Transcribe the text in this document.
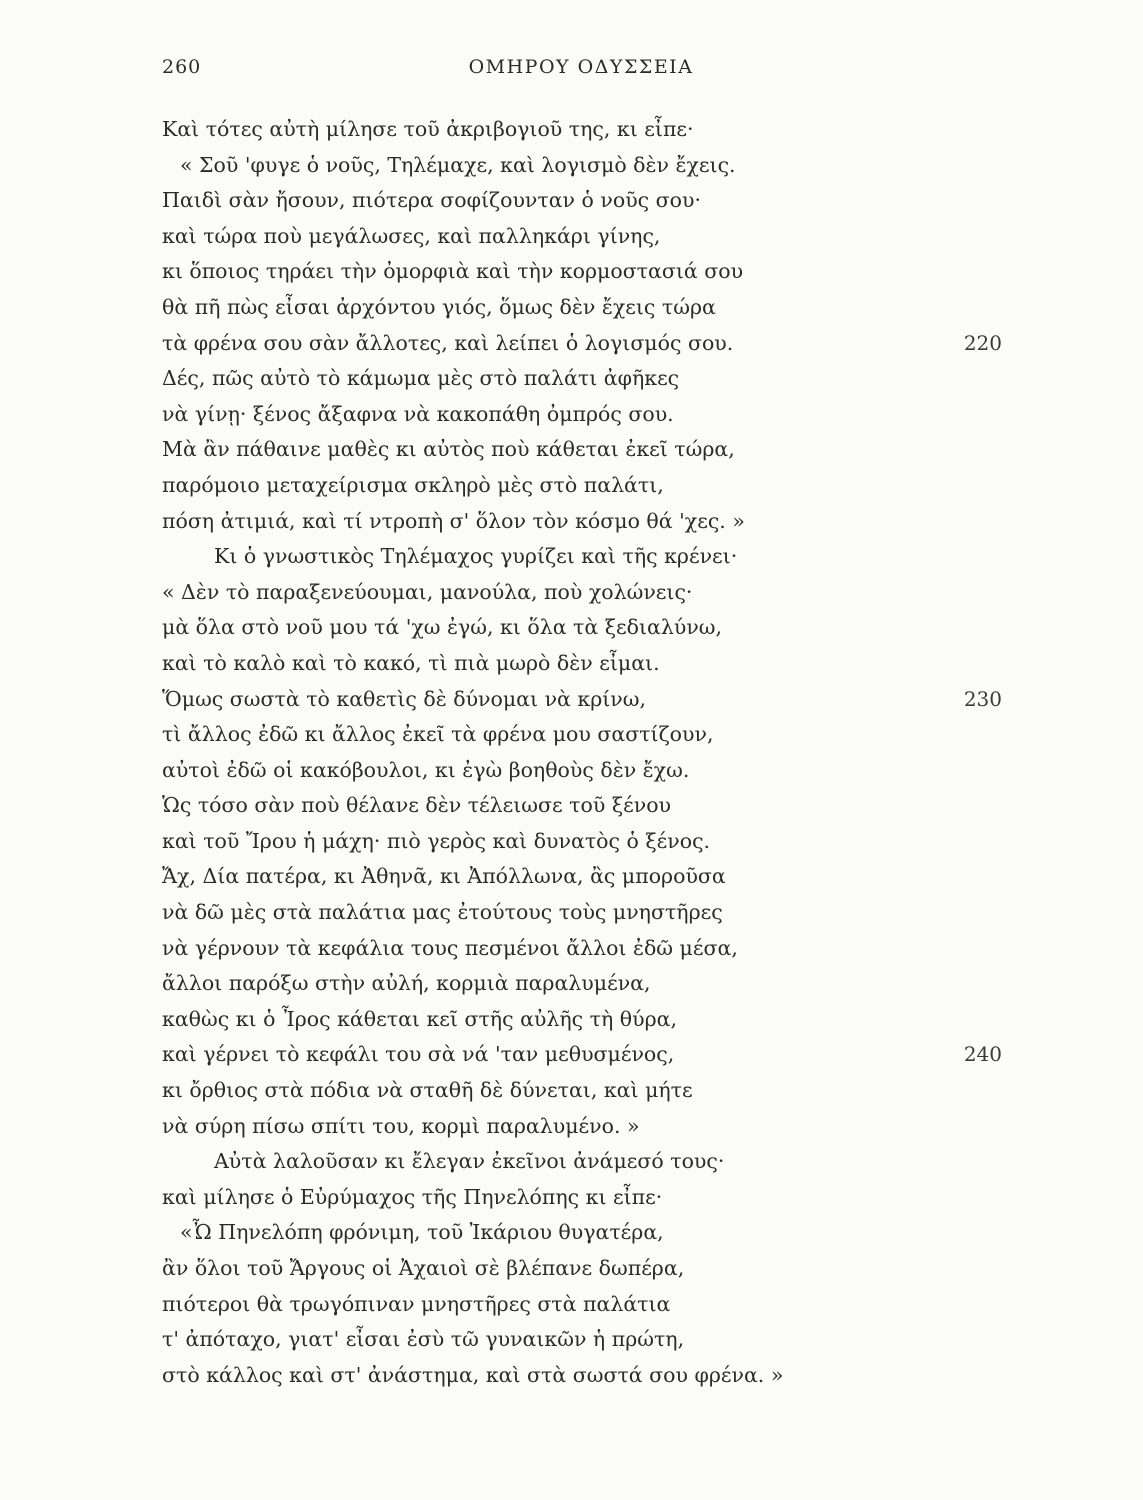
260	ΟΜΗΡΟΥ ΟΔΥΣΣΕΙΑ
Καὶ τότες αὐτὴ μίλησε τοῦ ἀκριβογιοῦ της, κι εἶπε·
« Σοῦ 'φυγε ὁ νοῦς, Τηλέμαχε, καὶ λογισμὸ δὲν ἔχεις.
Παιδὶ σὰν ἤσουν, πιότερα σοφίζουνταν ὁ νοῦς σου·
καὶ τώρα ποὺ μεγάλωσες, καὶ παλληκάρι γίνης,
κι ὅποιος τηράει τὴν ὀμορφιὰ καὶ τὴν κορμοστασιά σου
θὰ πῆ πὼς εἶσαι ἀρχόντου γιός, ὅμως δὲν ἔχεις τώρα
τὰ φρένα σου σὰν ἄλλοτες, καὶ λείπει ὁ λογισμός σου.	220
Δές, πῶς αὐτὸ τὸ κάμωμα μὲς στὸ παλάτι ἀφῆκες
νὰ γίνῃ· ξένος ἄξαφνα νὰ κακοπάθη ὀμπρός σου.
Μὰ ἂν πάθαινε μαθὲς κι αὐτὸς ποὺ κάθεται ἐκεῖ τώρα,
παρόμοιο μεταχείρισμα σκληρὸ μὲς στὸ παλάτι,
πόση ἀτιμιά, καὶ τί ντροπὴ σ' ὅλον τὸν κόσμο θά 'χες. »
Κι ὁ γνωστικὸς Τηλέμαχος γυρίζει καὶ τῆς κρένει·
« Δὲν τὸ παραξενεύουμαι, μανούλα, ποὺ χολώνεις·
μὰ ὅλα στὸ νοῦ μου τά 'χω ἐγώ, κι ὅλα τὰ ξεδιαλύνω,
καὶ τὸ καλὸ καὶ τὸ κακό, τὶ πιὰ μωρὸ δὲν εἶμαι.
Ὅμως σωστὰ τὸ καθετὶς δὲ δύνομαι νὰ κρίνω,	230
τὶ ἄλλος ἐδῶ κι ἄλλος ἐκεῖ τὰ φρένα μου σαστίζουν,
αὐτοὶ ἐδῶ οἱ κακόβουλοι, κι ἐγὼ βοηθοὺς δὲν ἔχω.
Ὡς τόσο σὰν ποὺ θέλανε δὲν τέλειωσε τοῦ ξένου
καὶ τοῦ Ἴρου ἡ μάχη· πιὸ γερὸς καὶ δυνατὸς ὁ ξένος.
Ἄχ, Δία πατέρα, κι Ἀθηνᾶ, κι Ἀπόλλωνα, ἂς μποροῦσα
νὰ δῶ μὲς στὰ παλάτια μας ἐτούτους τοὺς μνηστῆρες
νὰ γέρνουν τὰ κεφάλια τους πεσμένοι ἄλλοι ἐδῶ μέσα,
ἄλλοι παρόξω στὴν αὐλή, κορμιὰ παραλυμένα,
καθὼς κι ὁ Ἶρος κάθεται κεῖ στῆς αὐλῆς τὴ θύρα,
καὶ γέρνει τὸ κεφάλι του σὰ νά 'ταν μεθυσμένος,	240
κι ὄρθιος στὰ πόδια νὰ σταθῆ δὲ δύνεται, καὶ μήτε
νὰ σύρη πίσω σπίτι του, κορμὶ παραλυμένο. »
Αὐτὰ λαλοῦσαν κι ἔλεγαν ἐκεῖνοι ἀνάμεσό τους·
καὶ μίλησε ὁ Εὐρύμαχος τῆς Πηνελόπης κι εἶπε·
«Ὦ Πηνελόπη φρόνιμη, τοῦ Ἰκάριου θυγατέρα,
ἂν ὅλοι τοῦ Ἄργους οἱ Ἀχαιοὶ σὲ βλέπανε δωπέρα,
πιότεροι θὰ τρωγόπιναν μνηστῆρες στὰ παλάτια
τ' ἀπόταχο, γιατ' εἶσαι ἐσὺ τῶ γυναικῶν ἡ πρώτη,
στὸ κάλλος καὶ στ' ἀνάστημα, καὶ στὰ σωστά σου φρένα. »
